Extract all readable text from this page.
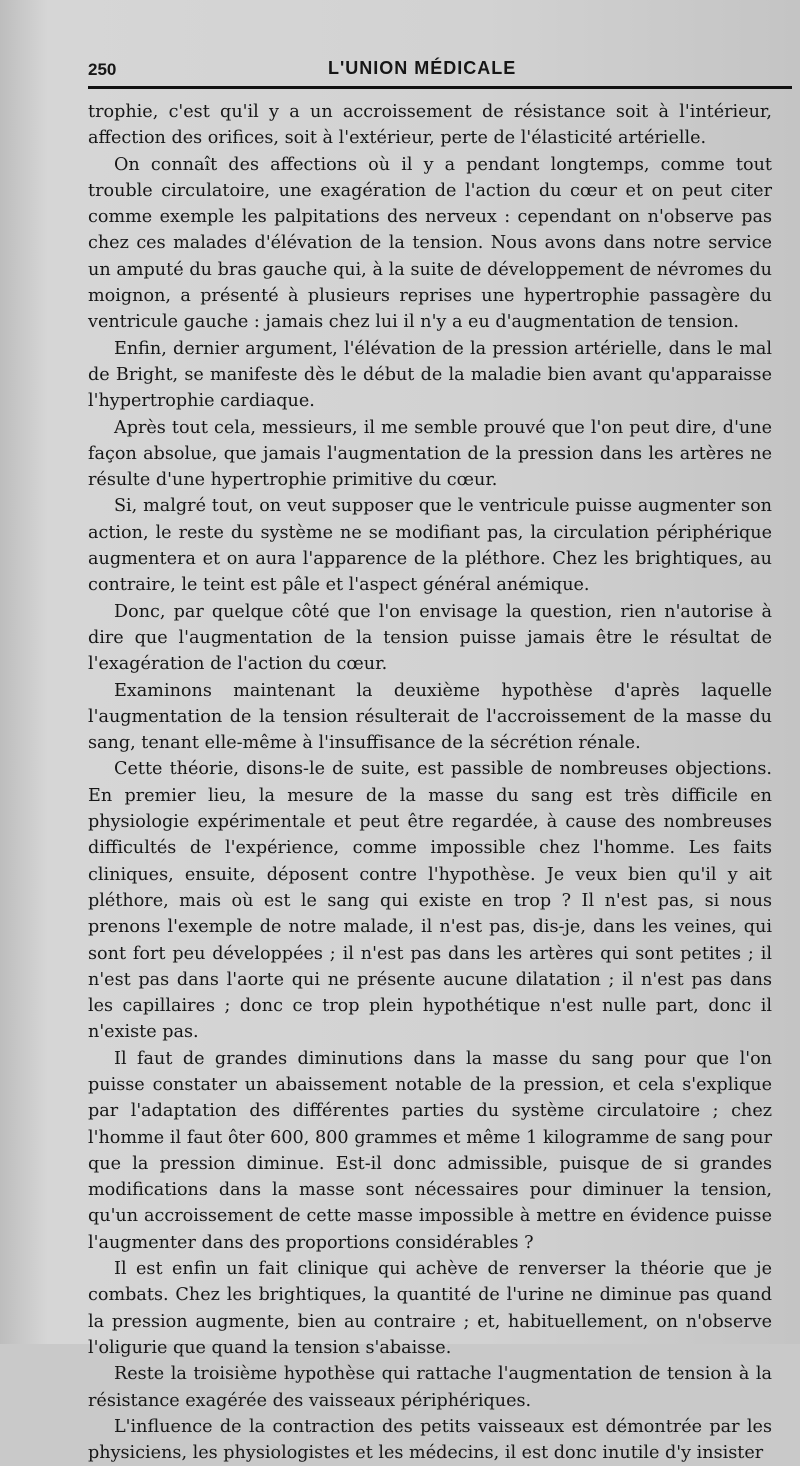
250	L'UNION MÉDICALE

trophie, c'est qu'il y a un accroissement de résistance soit à l'intérieur, affection des orifices, soit à l'extérieur, perte de l'élasticité artérielle.

On connaît des affections où il y a pendant longtemps, comme tout trouble circulatoire, une exagération de l'action du cœur et on peut citer comme exemple les palpitations des nerveux : cependant on n'observe pas chez ces malades d'élévation de la tension. Nous avons dans notre service un amputé du bras gauche qui, à la suite de développement de névromes du moignon, a présenté à plusieurs reprises une hypertrophie passagère du ventricule gauche : jamais chez lui il n'y a eu d'augmentation de tension.

Enfin, dernier argument, l'élévation de la pression artérielle, dans le mal de Bright, se manifeste dès le début de la maladie bien avant qu'apparaisse l'hypertrophie cardiaque.

Après tout cela, messieurs, il me semble prouvé que l'on peut dire, d'une façon absolue, que jamais l'augmentation de la pression dans les artères ne résulte d'une hypertrophie primitive du cœur.

Si, malgré tout, on veut supposer que le ventricule puisse augmenter son action, le reste du système ne se modifiant pas, la circulation périphérique augmentera et on aura l'apparence de la pléthore. Chez les brightiques, au contraire, le teint est pâle et l'aspect général anémique.

Donc, par quelque côté que l'on envisage la question, rien n'autorise à dire que l'augmentation de la tension puisse jamais être le résultat de l'exagération de l'action du cœur.

Examinons maintenant la deuxième hypothèse d'après laquelle l'augmentation de la tension résulterait de l'accroissement de la masse du sang, tenant elle-même à l'insuffisance de la sécrétion rénale.

Cette théorie, disons-le de suite, est passible de nombreuses objections. En premier lieu, la mesure de la masse du sang est très difficile en physiologie expérimentale et peut être regardée, à cause des nombreuses difficultés de l'expérience, comme impossible chez l'homme. Les faits cliniques, ensuite, déposent contre l'hypothèse. Je veux bien qu'il y ait pléthore, mais où est le sang qui existe en trop ? Il n'est pas, si nous prenons l'exemple de notre malade, il n'est pas, dis-je, dans les veines, qui sont fort peu développées ; il n'est pas dans les artères qui sont petites ; il n'est pas dans l'aorte qui ne présente aucune dilatation ; il n'est pas dans les capillaires ; donc ce trop plein hypothétique n'est nulle part, donc il n'existe pas.

Il faut de grandes diminutions dans la masse du sang pour que l'on puisse constater un abaissement notable de la pression, et cela s'explique par l'adaptation des différentes parties du système circulatoire ; chez l'homme il faut ôter 600, 800 grammes et même 1 kilogramme de sang pour que la pression diminue. Est-il donc admissible, puisque de si grandes modifications dans la masse sont nécessaires pour diminuer la tension, qu'un accroissement de cette masse impossible à mettre en évidence puisse l'augmenter dans des proportions considérables ?

Il est enfin un fait clinique qui achève de renverser la théorie que je combats. Chez les brightiques, la quantité de l'urine ne diminue pas quand la pression augmente, bien au contraire ; et, habituellement, on n'observe l'oligurie que quand la tension s'abaisse.

Reste la troisième hypothèse qui rattache l'augmentation de tension à la résistance exagérée des vaisseaux périphériques.

L'influence de la contraction des petits vaisseaux est démontrée par les physiciens, les physiologistes et les médecins, il est donc inutile d'y insister
